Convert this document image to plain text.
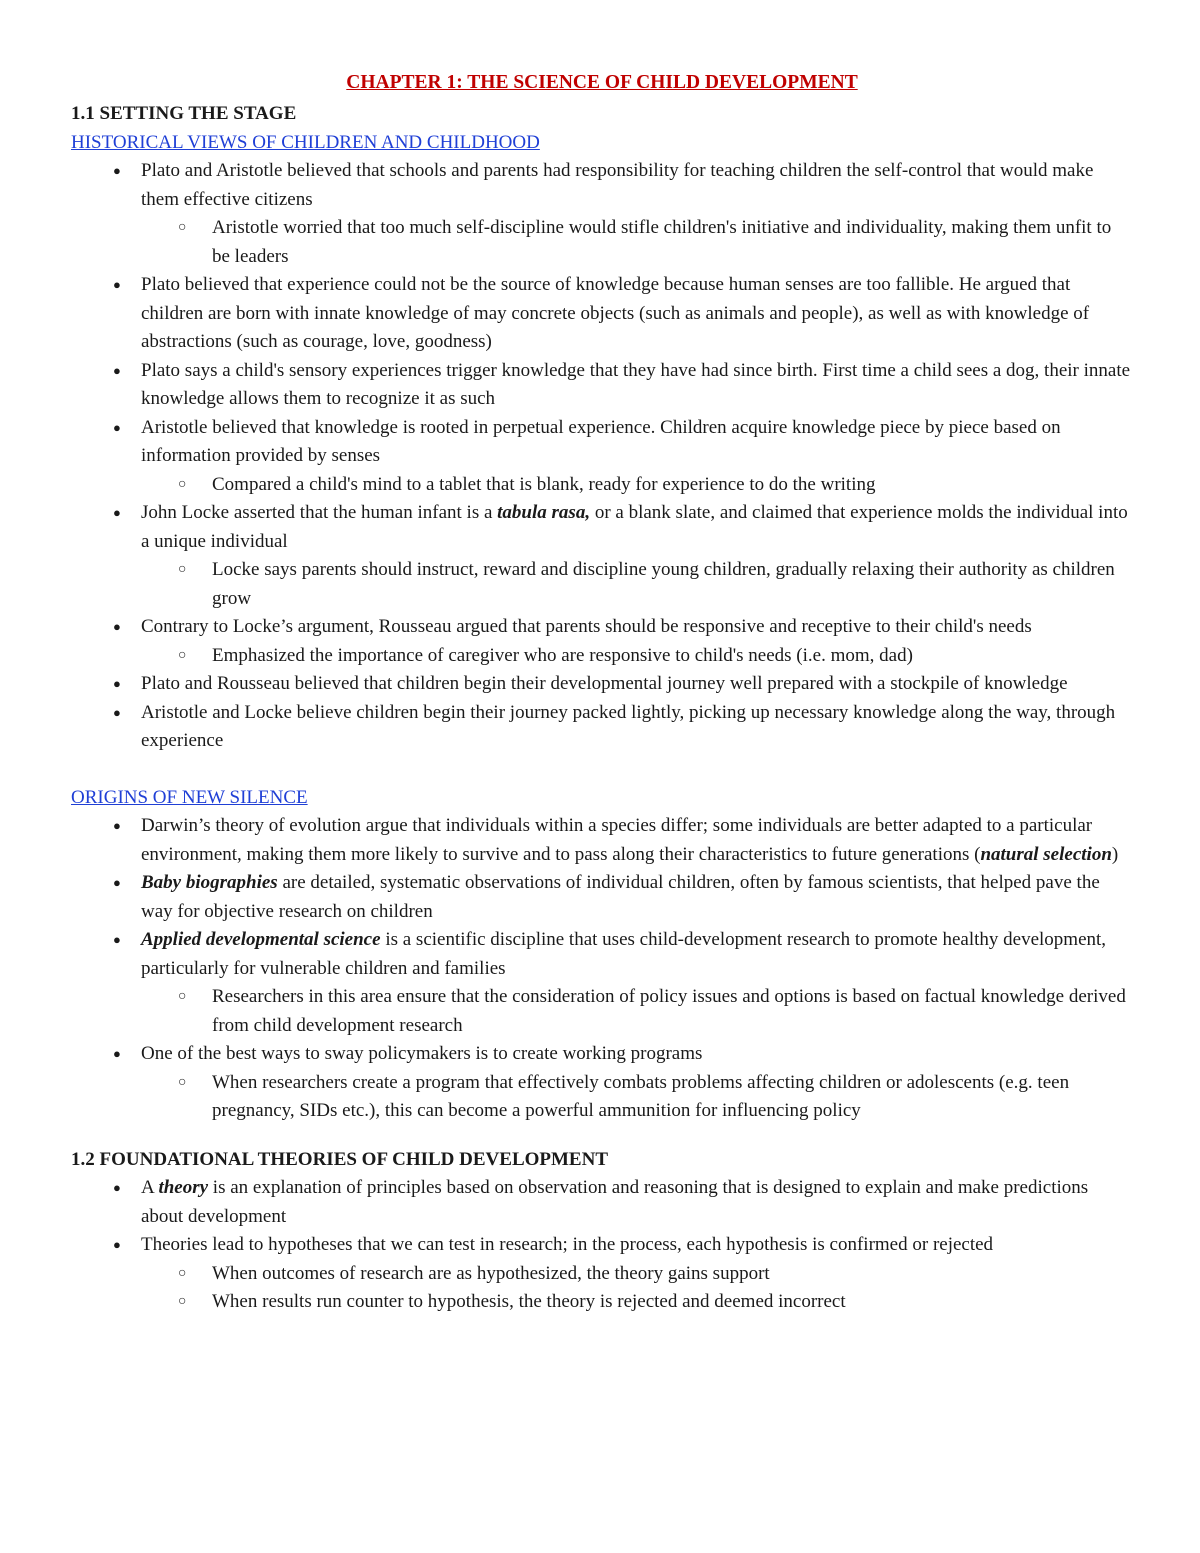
CHAPTER 1: THE SCIENCE OF CHILD DEVELOPMENT
1.1 SETTING THE STAGE
HISTORICAL VIEWS OF CHILDREN AND CHILDHOOD
● Plato and Aristotle believed that schools and parents had responsibility for teaching children the self-control that would make them effective citizens
○ Aristotle worried that too much self-discipline would stifle children's initiative and individuality, making them unfit to be leaders
● Plato believed that experience could not be the source of knowledge because human senses are too fallible. He argued that children are born with innate knowledge of may concrete objects (such as animals and people), as well as with knowledge of abstractions (such as courage, love, goodness)
● Plato says a child's sensory experiences trigger knowledge that they have had since birth. First time a child sees a dog, their innate knowledge allows them to recognize it as such
● Aristotle believed that knowledge is rooted in perpetual experience. Children acquire knowledge piece by piece based on information provided by senses
○ Compared a child's mind to a tablet that is blank, ready for experience to do the writing
● John Locke asserted that the human infant is a tabula rasa, or a blank slate, and claimed that experience molds the individual into a unique individual
○ Locke says parents should instruct, reward and discipline young children, gradually relaxing their authority as children grow
● Contrary to Locke’s argument, Rousseau argued that parents should be responsive and receptive to their child's needs
○ Emphasized the importance of caregiver who are responsive to child's needs (i.e. mom, dad)
● Plato and Rousseau believed that children begin their developmental journey well prepared with a stockpile of knowledge
● Aristotle and Locke believe children begin their journey packed lightly, picking up necessary knowledge along the way, through experience
ORIGINS OF NEW SILENCE
● Darwin’s theory of evolution argue that individuals within a species differ; some individuals are better adapted to a particular environment, making them more likely to survive and to pass along their characteristics to future generations (natural selection)
● Baby biographies are detailed, systematic observations of individual children, often by famous scientists, that helped pave the way for objective research on children
● Applied developmental science is a scientific discipline that uses child-development research to promote healthy development, particularly for vulnerable children and families
○ Researchers in this area ensure that the consideration of policy issues and options is based on factual knowledge derived from child development research
● One of the best ways to sway policymakers is to create working programs
○ When researchers create a program that effectively combats problems affecting children or adolescents (e.g. teen pregnancy, SIDs etc.), this can become a powerful ammunition for influencing policy
1.2 FOUNDATIONAL THEORIES OF CHILD DEVELOPMENT
● A theory is an explanation of principles based on observation and reasoning that is designed to explain and make predictions about development
● Theories lead to hypotheses that we can test in research; in the process, each hypothesis is confirmed or rejected
○ When outcomes of research are as hypothesized, the theory gains support
○ When results run counter to hypothesis, the theory is rejected and deemed incorrect
